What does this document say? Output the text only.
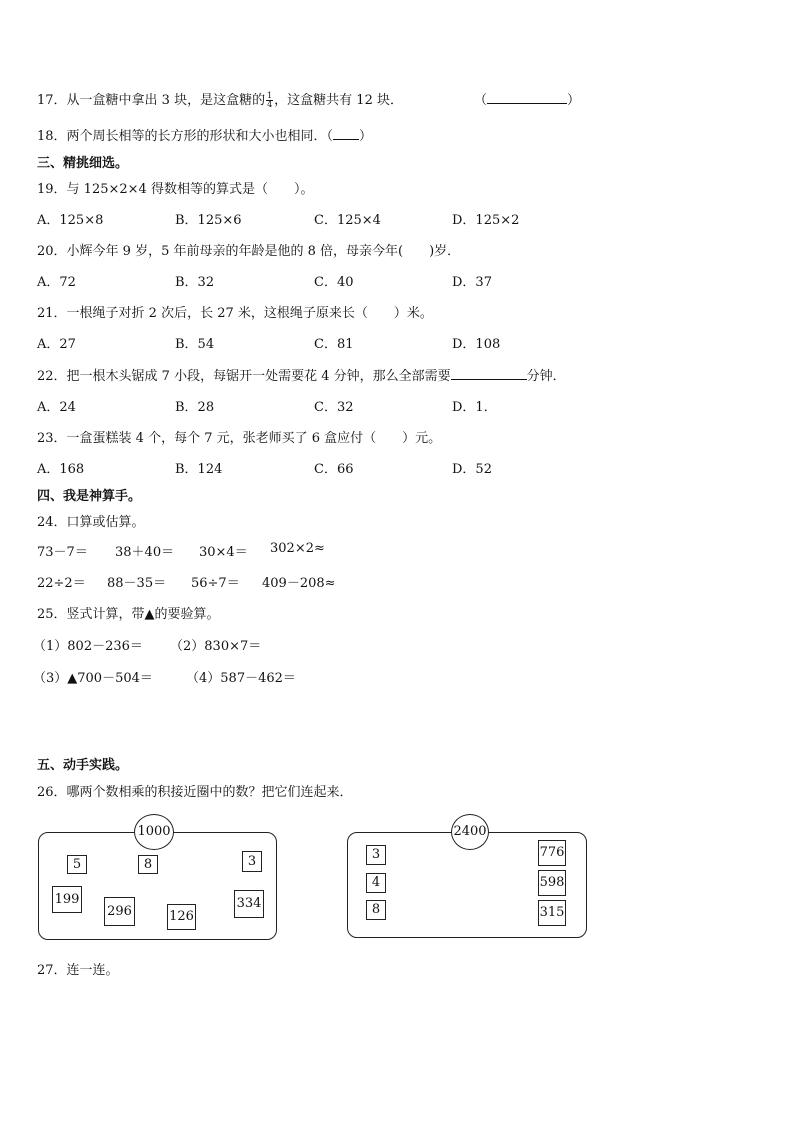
17．从一盒糖中拿出 3 块，是这盒糖的 $\frac{1}{4}$ ，这盒糖共有 12 块．	（	）
18．两个周长相等的长方形的形状和大小也相同．（ ）
三、精挑细选。
19．与 125×2×4 得数相等的算式是（　　）。
A．125×8	B．125×6	C．125×4	D．125×2
20．小辉今年 9 岁，5 年前母亲的年龄是他的 8 倍，母亲今年(　　)岁．
A．72	B．32	C．40	D．37
21．一根绳子对折 2 次后，长 27 米，这根绳子原来长（　　）米。
A．27	B．54	C．81	D．108
22．把一根木头锯成 7 小段，每锯开一处需要花 4 分钟，那么全部需要	分钟．
A．24	B．28	C．32	D．1．
23．一盒蛋糕装 4 个，每个 7 元，张老师买了 6 盒应付（　　）元。
A．168	B．124	C．66	D．52
四、我是神算手。
24．口算或估算。
73－7＝ 38＋40＝ 30×4＝ 302×2≈
22÷2＝ 88－35＝ 56÷7＝ 409－208≈
25．竖式计算，带▲的要验算。
（1）802－236＝ （2）830×7＝
（3）▲700－504＝	（4）587－462＝
五、动手实践。
26．哪两个数相乘的积接近圈中的数？把它们连起来．
1000
5	8	3
199
296	126
334
2400
3
4
8
776
598
315
27．连一连。
